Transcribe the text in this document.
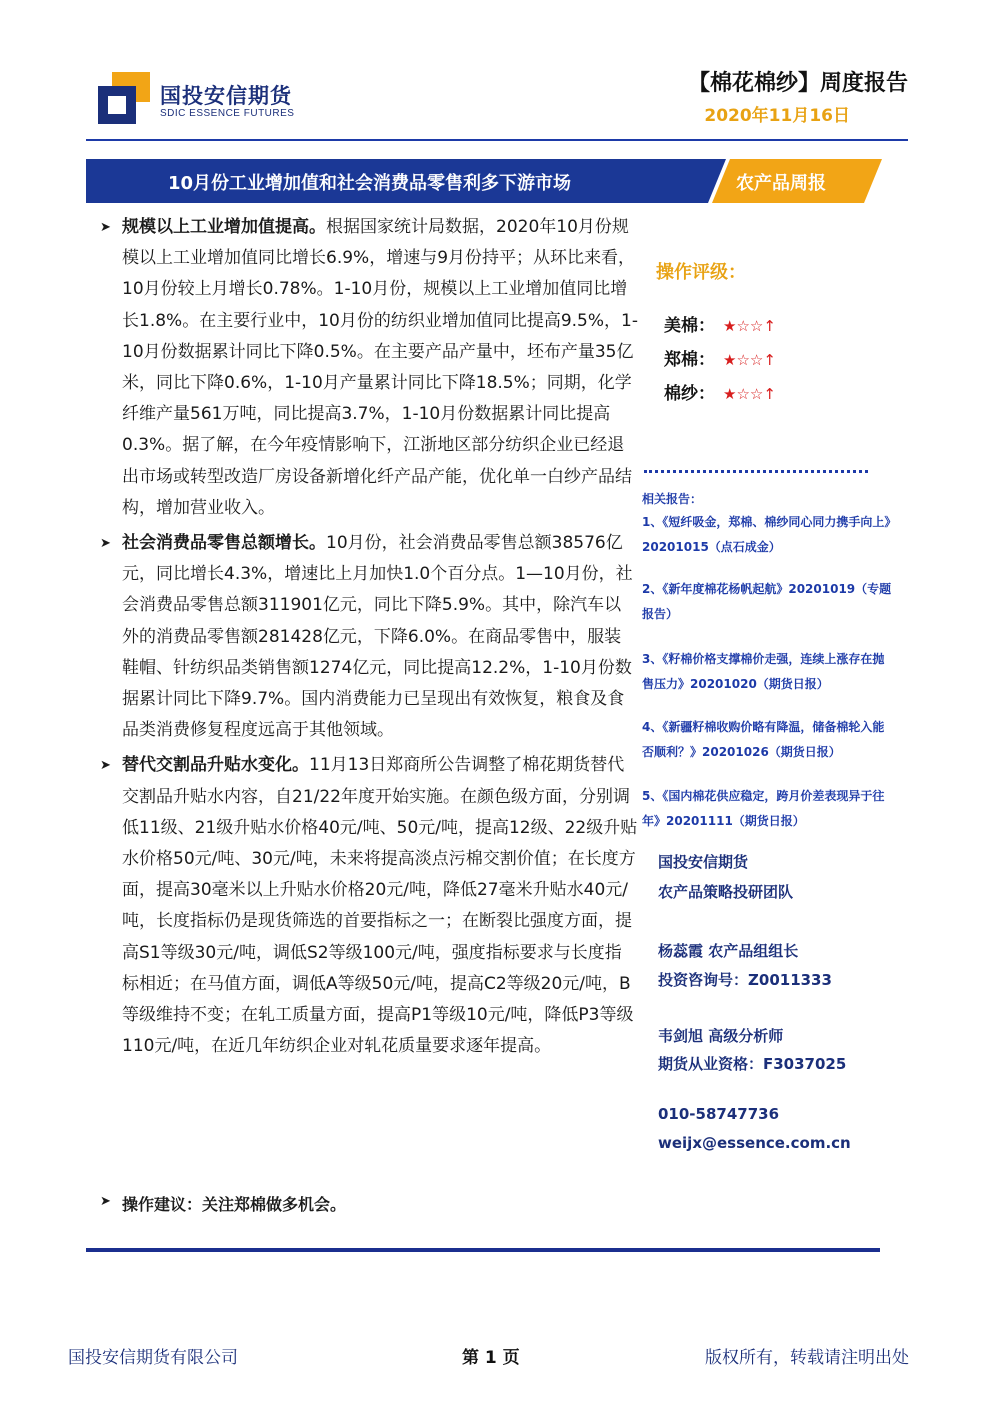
国投安信期货
SDIC ESSENCE FUTURES
【棉花棉纱】周度报告
2020年11月16日
10月份工业增加值和社会消费品零售利多下游市场	农产品周报
➤ 规模以上工业增加值提高。根据国家统计局数据，2020年10月份规模以上工业增加值同比增长6.9%，增速与9月份持平；从环比来看，10月份较上月增长0.78%。1-10月份，规模以上工业增加值同比增长1.8%。在主要行业中，10月份的纺织业增加值同比提高9.5%，1-10月份数据累计同比下降0.5%。在主要产品产量中，坯布产量35亿米，同比下降0.6%，1-10月产量累计同比下降18.5%；同期，化学纤维产量561万吨，同比提高3.7%，1-10月份数据累计同比提高0.3%。据了解，在今年疫情影响下，江浙地区部分纺织企业已经退出市场或转型改造厂房设备新增化纤产品产能，优化单一白纱产品结构，增加营业收入。
➤ 社会消费品零售总额增长。10月份，社会消费品零售总额38576亿元，同比增长4.3%，增速比上月加快1.0个百分点。1—10月份，社会消费品零售总额311901亿元，同比下降5.9%。其中，除汽车以外的消费品零售额281428亿元，下降6.0%。在商品零售中，服装鞋帽、针纺织品类销售额1274亿元，同比提高12.2%，1-10月份数据累计同比下降9.7%。国内消费能力已呈现出有效恢复，粮食及食品类消费修复程度远高于其他领域。
➤ 替代交割品升贴水变化。11月13日郑商所公告调整了棉花期货替代交割品升贴水内容，自21/22年度开始实施。在颜色级方面，分别调低11级、21级升贴水价格40元/吨、50元/吨，提高12级、22级升贴水价格50元/吨、30元/吨，未来将提高淡点污棉交割价值；在长度方面，提高30毫米以上升贴水价格20元/吨，降低27毫米升贴水40元/吨，长度指标仍是现货筛选的首要指标之一；在断裂比强度方面，提高S1等级30元/吨，调低S2等级100元/吨，强度指标要求与长度指标相近；在马值方面，调低A等级50元/吨，提高C2等级20元/吨，B等级维持不变；在轧工质量方面，提高P1等级10元/吨，降低P3等级110元/吨，在近几年纺织企业对轧花质量要求逐年提高。
➤ 操作建议：关注郑棉做多机会。
操作评级：
美棉： ★☆☆↑
郑棉： ★☆☆↑
棉纱： ★☆☆↑
相关报告：
1、《短纤吸金，郑棉、棉纱同心同力携手向上》20201015（点石成金）
2、《新年度棉花杨帆起航》20201019（专题报告）
3、《籽棉价格支撑棉价走强，连续上涨存在抛售压力》20201020（期货日报）
4、《新疆籽棉收购价略有降温，储备棉轮入能否顺利？》20201026（期货日报）
5、《国内棉花供应稳定，跨月价差表现异于往年》20201111（期货日报）
国投安信期货
农产品策略投研团队
杨蕊霞 农产品组组长
投资咨询号：Z0011333
韦剑旭 高级分析师
期货从业资格：F3037025
010-58747736
weijx@essence.com.cn
国投安信期货有限公司	第 1 页	版权所有，转载请注明出处
